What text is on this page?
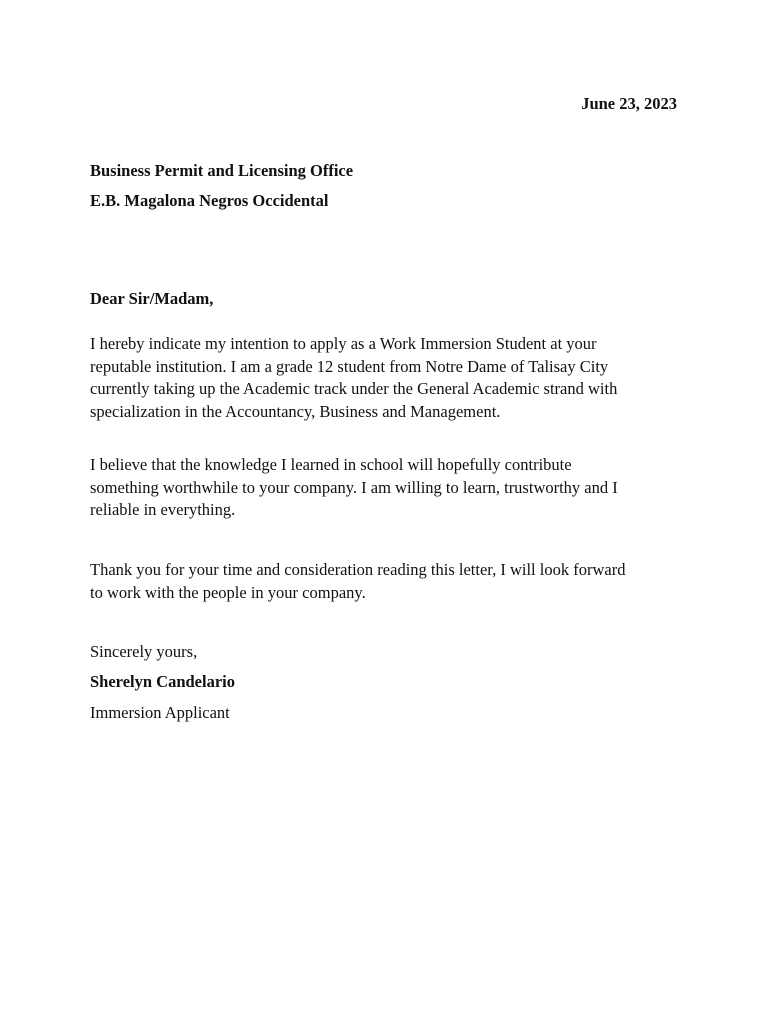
June 23, 2023
Business Permit and Licensing Office
E.B. Magalona Negros Occidental
Dear Sir/Madam,
I hereby indicate my intention to apply as a Work Immersion Student at your
reputable institution. I am a grade 12 student from Notre Dame of Talisay City
currently taking up the Academic track under the General Academic strand with
specialization in the Accountancy, Business and Management.
I believe that the knowledge I learned in school will hopefully contribute
something worthwhile to your company. I am willing to learn, trustworthy and I
reliable in everything.
Thank you for your time and consideration reading this letter, I will look forward
to work with the people in your company.
Sincerely yours,
Sherelyn Candelario
Immersion Applicant
